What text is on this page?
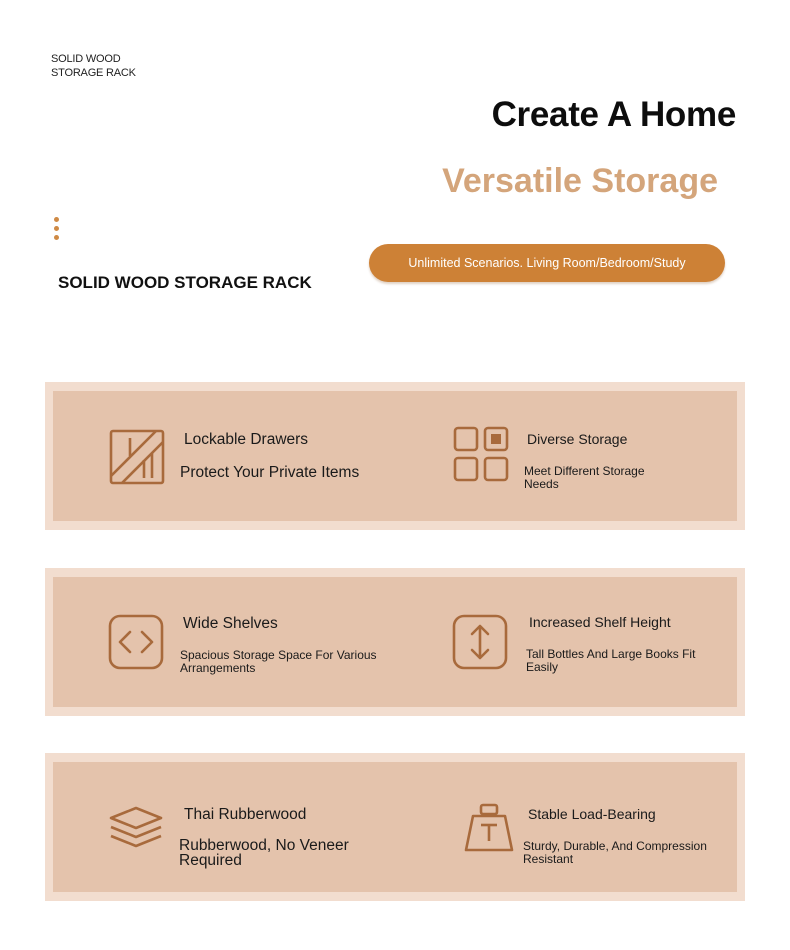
SOLID WOOD STORAGE RACK
Create A Home
Versatile Storage
SOLID WOOD STORAGE RACK
Unlimited Scenarios. Living Room/Bedroom/Study
Lockable Drawers
Protect Your Private Items
Diverse Storage
Meet Different Storage Needs
Wide Shelves
Spacious Storage Space For Various Arrangements
Increased Shelf Height
Tall Bottles And Large Books Fit Easily
Thai Rubberwood
Rubberwood, No Veneer Required
Stable Load-Bearing
Sturdy, Durable, And Compression Resistant
